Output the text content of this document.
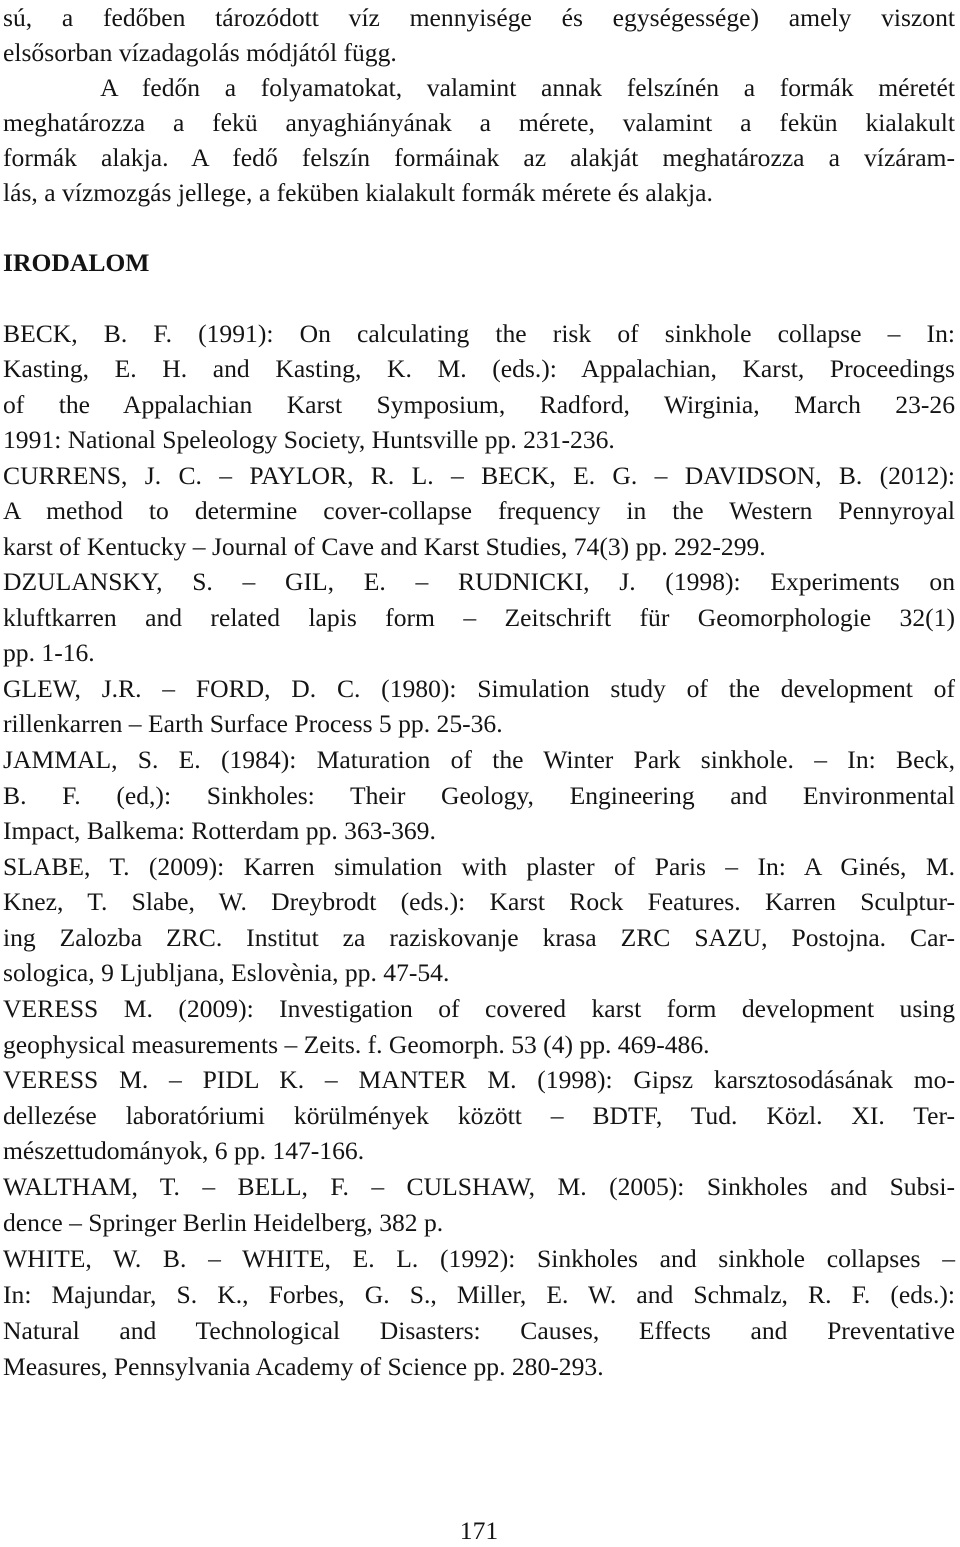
sú, a fedőben tározódott víz mennyisége és egységessége) amely viszont
elsősorban vízadagolás módjától függ.
A fedőn a folyamatokat, valamint annak felszínén a formák méretét
meghatározza a fekü anyaghiányának a mérete, valamint a fekün kialakult
formák alakja. A fedő felszín formáinak az alakját meghatározza a vízáram-
lás, a vízmozgás jellege, a feküben kialakult formák mérete és alakja.
IRODALOM
BECK, B. F. (1991): On calculating the risk of sinkhole collapse – In:
Kasting, E. H. and Kasting, K. M. (eds.): Appalachian, Karst, Proceedings
of the Appalachian Karst Symposium, Radford, Wirginia, March 23-26
1991: National Speleology Society, Huntsville pp. 231-236.
CURRENS, J. C. – PAYLOR, R. L. – BECK, E. G. – DAVIDSON, B. (2012):
A method to determine cover-collapse frequency in the Western Pennyroyal
karst of Kentucky – Journal of Cave and Karst Studies, 74(3) pp. 292-299.
DZULANSKY, S. – GIL, E. – RUDNICKI, J. (1998): Experiments on
kluftkarren and related lapis form – Zeitschrift für Geomorphologie 32(1)
pp. 1-16.
GLEW, J.R. – FORD, D. C. (1980): Simulation study of the development of
rillenkarren – Earth Surface Process 5 pp. 25-36.
JAMMAL, S. E. (1984): Maturation of the Winter Park sinkhole. – In: Beck,
B. F. (ed,): Sinkholes: Their Geology, Engineering and Environmental
Impact, Balkema: Rotterdam pp. 363-369.
SLABE, T. (2009): Karren simulation with plaster of Paris – In: A Ginés, M.
Knez, T. Slabe, W. Dreybrodt (eds.): Karst Rock Features. Karren Sculptur-
ing Zalozba ZRC. Institut za raziskovanje krasa ZRC SAZU, Postojna. Car-
sologica, 9 Ljubljana, Eslovènia, pp. 47-54.
VERESS M. (2009): Investigation of covered karst form development using
geophysical measurements – Zeits. f. Geomorph. 53 (4) pp. 469-486.
VERESS M. – PIDL K. – MANTER M. (1998): Gipsz karsztosodásának mo-
dellezése laboratóriumi körülmények között – BDTF, Tud. Közl. XI. Ter-
mészettudományok, 6 pp. 147-166.
WALTHAM, T. – BELL, F. – CULSHAW, M. (2005): Sinkholes and Subsi-
dence – Springer Berlin Heidelberg, 382 p.
WHITE, W. B. – WHITE, E. L. (1992): Sinkholes and sinkhole collapses –
In: Majundar, S. K., Forbes, G. S., Miller, E. W. and Schmalz, R. F. (eds.):
Natural and Technological Disasters: Causes, Effects and Preventative
Measures, Pennsylvania Academy of Science pp. 280-293.
171
